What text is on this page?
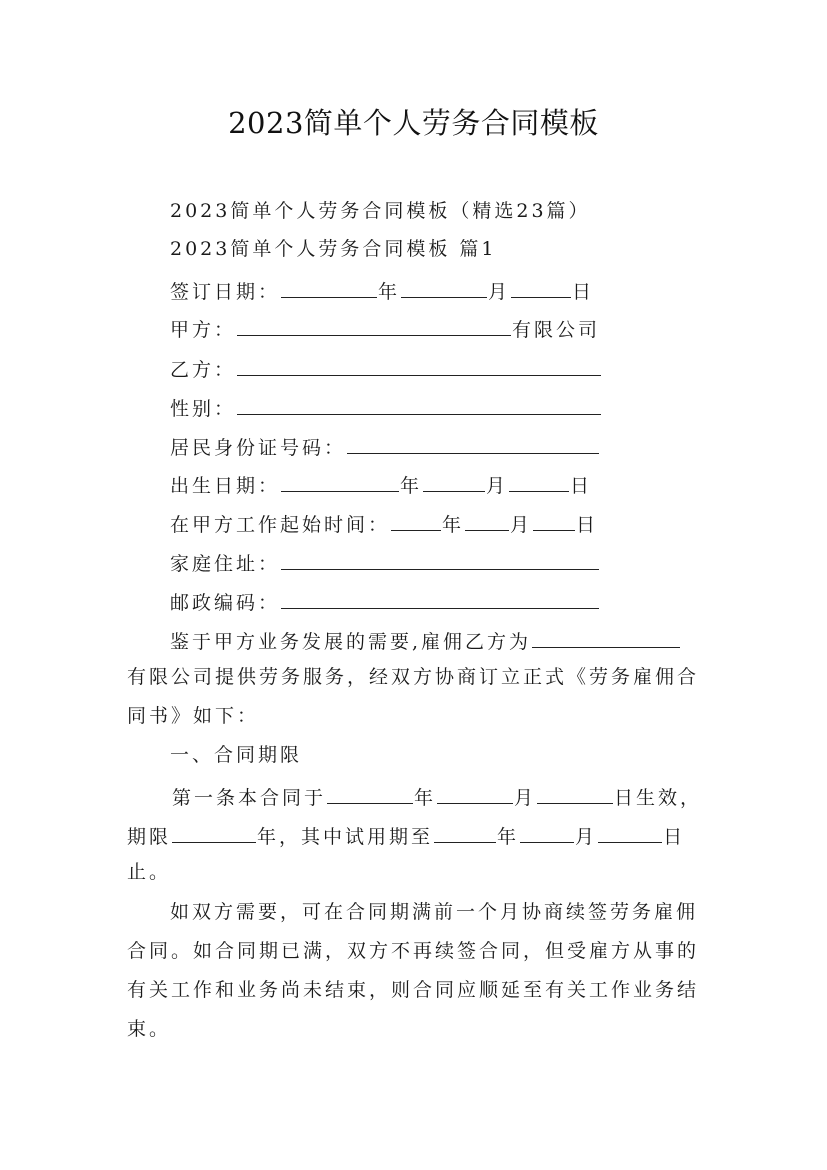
2023简单个人劳务合同模板
2023简单个人劳务合同模板（精选23篇）
2023简单个人劳务合同模板 篇1
签订日期：	年	月	日
甲方：	有限公司
乙方：
性别：
居民身份证号码：
出生日期：	年	月	日
在甲方工作起始时间：	年 月 日
家庭住址：
邮政编码：
鉴于甲方业务发展的需要,雇佣乙方为
有限公司提供劳务服务，经双方协商订立正式《劳务雇佣合
同书》如下：
一、合同期限
第一条本合同于	年	月	日生效，
期限	年，其中试用期至	年	月	日
止。
如双方需要，可在合同期满前一个月协商续签劳务雇佣
合同。如合同期已满，双方不再续签合同，但受雇方从事的
有关工作和业务尚未结束，则合同应顺延至有关工作业务结
束。
